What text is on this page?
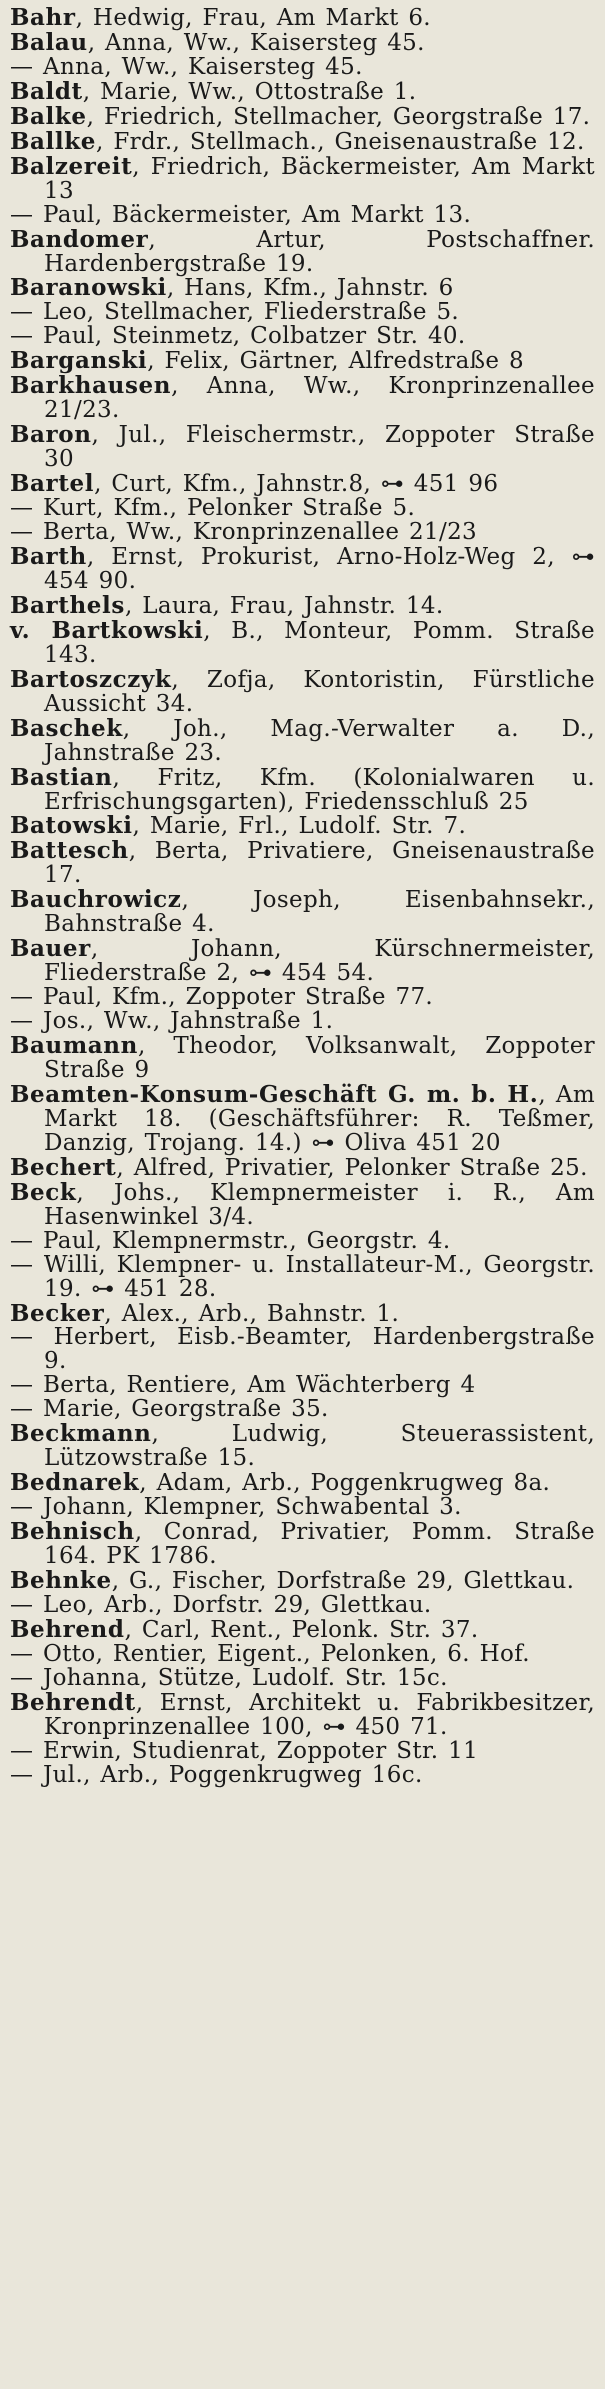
Bahr, Hedwig, Frau, Am Markt 6.
Balau, Anna, Ww., Kaisersteg 45.
— Anna, Ww., Kaisersteg 45.
Baldt, Marie, Ww., Ottostraße 1.
Balke, Friedrich, Stellmacher, Georgstraße 17.
Ballke, Frdr., Stellmach., Gneisenaustraße 12.
Balzereit, Friedrich, Bäckermeister, Am Markt 13
— Paul, Bäckermeister, Am Markt 13.
Bandomer, Artur, Postschaffner. Hardenbergstraße 19.
Baranowski, Hans, Kfm., Jahnstr. 6
— Leo, Stellmacher, Fliederstraße 5.
— Paul, Steinmetz, Colbatzer Str. 40.
Barganski, Felix, Gärtner, Alfredstraße 8
Barkhausen, Anna, Ww., Kronprinzenallee 21/23.
Baron, Jul., Fleischermstr., Zoppoter Straße 30
Bartel, Curt, Kfm., Jahnstr.8, ⊶ 451 96
— Kurt, Kfm., Pelonker Straße 5.
— Berta, Ww., Kronprinzenallee 21/23
Barth, Ernst, Prokurist, Arno-Holz-Weg 2, ⊶ 454 90.
Barthels, Laura, Frau, Jahnstr. 14.
v. Bartkowski, B., Monteur, Pomm. Straße 143.
Bartoszczyk, Zofja, Kontoristin, Fürstliche Aussicht 34.
Baschek, Joh., Mag.-Verwalter a. D., Jahnstraße 23.
Bastian, Fritz, Kfm. (Kolonialwaren u. Erfrischungsgarten), Friedensschluß 25
Batowski, Marie, Frl., Ludolf. Str. 7.
Battesch, Berta, Privatiere, Gneisenaustraße 17.
Bauchrowicz, Joseph, Eisenbahnsekr., Bahnstraße 4.
Bauer, Johann, Kürschnermeister, Fliederstraße 2, ⊶ 454 54.
— Paul, Kfm., Zoppoter Straße 77.
— Jos., Ww., Jahnstraße 1.
Baumann, Theodor, Volksanwalt, Zoppoter Straße 9
Beamten-Konsum-Geschäft G. m. b. H., Am Markt 18. (Geschäftsführer: R. Teßmer, Danzig, Trojang. 14.) ⊶ Oliva 451 20
Bechert, Alfred, Privatier, Pelonker Straße 25.
Beck, Johs., Klempnermeister i. R., Am Hasenwinkel 3/4.
— Paul, Klempnermstr., Georgstr. 4.
— Willi, Klempner- u. Installateur-M., Georgstr. 19. ⊶ 451 28.
Becker, Alex., Arb., Bahnstr. 1.
— Herbert, Eisb.-Beamter, Hardenbergstraße 9.
— Berta, Rentiere, Am Wächterberg 4
— Marie, Georgstraße 35.
Beckmann, Ludwig, Steuerassistent, Lützowstraße 15.
Bednarek, Adam, Arb., Poggenkrugweg 8a.
— Johann, Klempner, Schwabental 3.
Behnisch, Conrad, Privatier, Pomm. Straße 164. PK 1786.
Behnke, G., Fischer, Dorfstraße 29, Glettkau.
— Leo, Arb., Dorfstr. 29, Glettkau.
Behrend, Carl, Rent., Pelonk. Str. 37.
— Otto, Rentier, Eigent., Pelonken, 6. Hof.
— Johanna, Stütze, Ludolf. Str. 15c.
Behrendt, Ernst, Architekt u. Fabrikbesitzer, Kronprinzenallee 100, ⊶ 450 71.
— Erwin, Studienrat, Zoppoter Str. 11
— Jul., Arb., Poggenkrugweg 16c.
